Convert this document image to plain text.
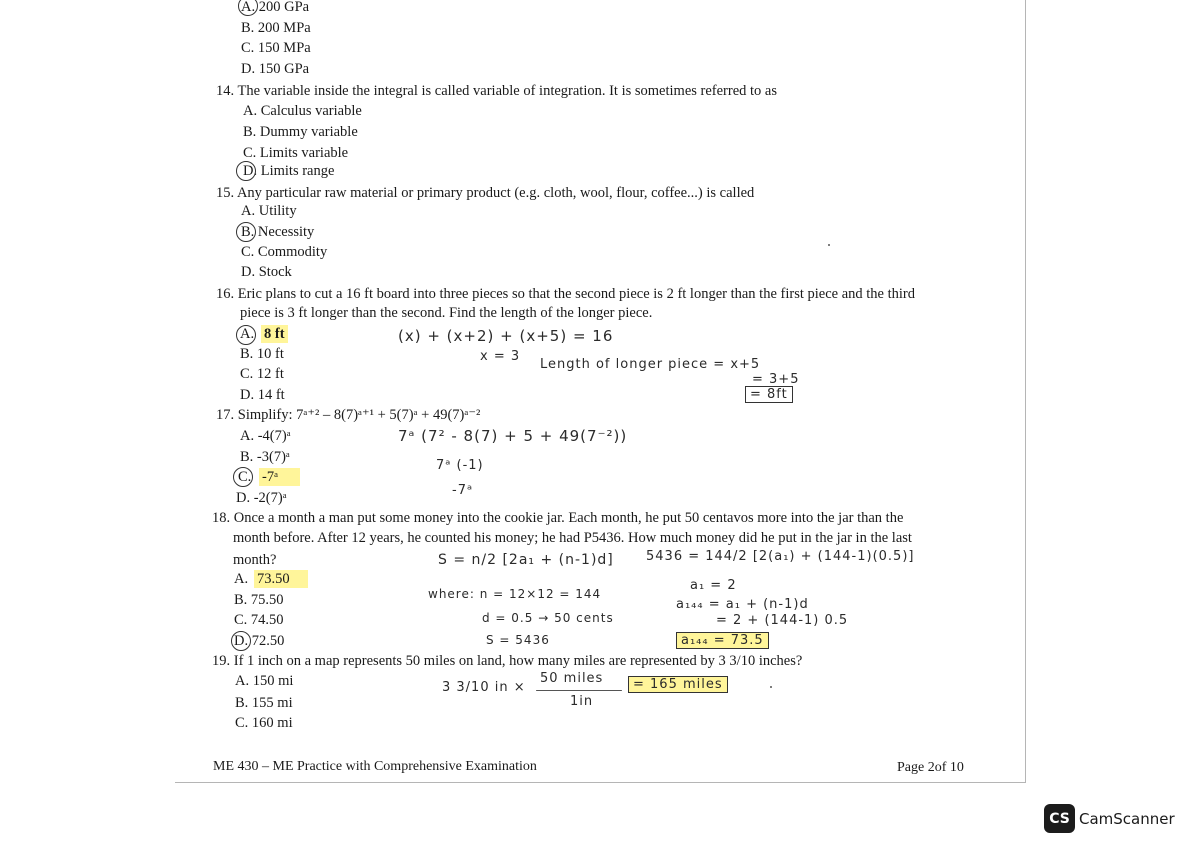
A. 200 GPa
B. 200 MPa
C. 150 MPa
D. 150 GPa
14. The variable inside the integral is called variable of integration. It is sometimes referred to as
A. Calculus variable
B. Dummy variable
C. Limits variable
D. Limits range
15. Any particular raw material or primary product (e.g. cloth, wool, flour, coffee...) is called
A. Utility
B. Necessity
C. Commodity
D. Stock
16. Eric plans to cut a 16 ft board into three pieces so that the second piece is 2 ft longer than the first piece and the third
piece is 3 ft longer than the second. Find the length of the longer piece.
A. 8 ft
B. 10 ft
C. 12 ft
D. 14 ft
(x) + (x+2) + (x+5) = 16
x = 3
Length of longer piece = x+5
= 3+5
= 8ft
17. Simplify: 7ᵃ⁺² – 8(7)ᵃ⁺¹ + 5(7)ᵃ + 49(7)ᵃ⁻²
A. -4(7)ᵃ
B. -3(7)ᵃ
C. -7ᵃ
D. -2(7)ᵃ
7ᵃ (7² - 8(7) + 5 + 49(7⁻²))
7ᵃ (-1)
-7ᵃ
18. Once a month a man put some money into the cookie jar. Each month, he put 50 centavos more into the jar than the
month before. After 12 years, he counted his money; he had P5436. How much money did he put in the jar in the last
month?
A. 73.50
B. 75.50
C. 74.50
D. 72.50
S = n/2 [2a₁ + (n-1)d] 5436 = 144/2 [2(a₁) + (144-1)(0.5)]
where: n = 12×12 = 144
d = 0.5 → 50 cents
S = 5436
a₁ = 2
a₁₄₄ = a₁ + (n-1)d
= 2 + (144-1) 0.5
a₁₄₄ = 73.5
19. If 1 inch on a map represents 50 miles on land, how many miles are represented by 3 3/10 inches?
A. 150 mi
B. 155 mi
C. 160 mi
3 3/10 in ×
50 miles
1in
= 165 miles
ME 430 – ME Practice with Comprehensive Examination	Page 2of 10
CS CamScanner
